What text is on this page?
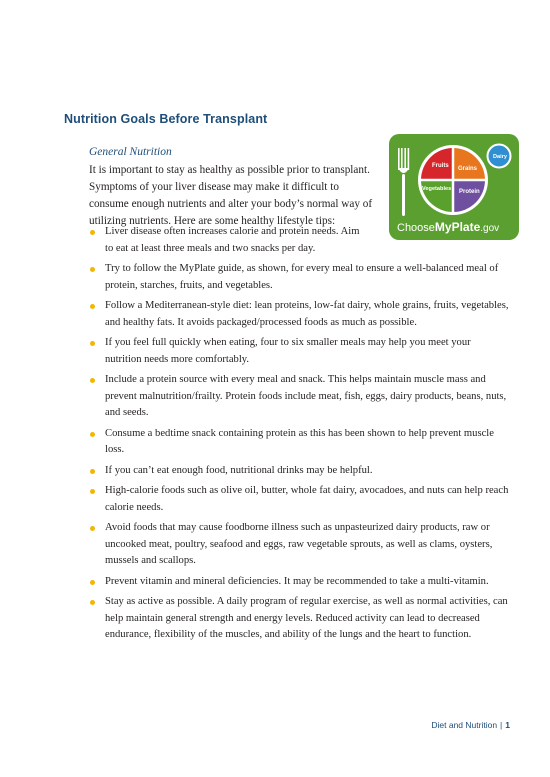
Nutrition Goals Before Transplant
General Nutrition

It is important to stay as healthy as possible prior to transplant. Symptoms of your liver disease may make it difficult to consume enough nutrients and alter your body’s normal way of utilizing nutrients. Here are some healthy lifestyle tips:

Fruits Grains
Vegetables Protein
Dairy
ChooseMyPlate.gov
Liver disease often increases calorie and protein needs. Aim to eat at least three meals and two snacks per day.
Try to follow the MyPlate guide, as shown, for every meal to ensure a well-balanced meal of protein, starches, fruits, and vegetables.
Follow a Mediterranean-style diet: lean proteins, low-fat dairy, whole grains, fruits, vegetables, and healthy fats. It avoids packaged/processed foods as much as possible.
If you feel full quickly when eating, four to six smaller meals may help you meet your nutrition needs more comfortably.
Include a protein source with every meal and snack. This helps maintain muscle mass and prevent malnutrition/frailty. Protein foods include meat, fish, eggs, dairy products, beans, nuts, and seeds.
Consume a bedtime snack containing protein as this has been shown to help prevent muscle loss.
If you can’t eat enough food, nutritional drinks may be helpful.
High-calorie foods such as olive oil, butter, whole fat dairy, avocadoes, and nuts can help reach calorie needs.
Avoid foods that may cause foodborne illness such as unpasteurized dairy products, raw or uncooked meat, poultry, seafood and eggs, raw vegetable sprouts, as well as clams, oysters, mussels and scallops.
Prevent vitamin and mineral deficiencies. It may be recommended to take a multi-vitamin.
Stay as active as possible. A daily program of regular exercise, as well as normal activities, can help maintain general strength and energy levels. Reduced activity can lead to decreased endurance, flexibility of the muscles, and ability of the lungs and the heart to function.
Diet and Nutrition | 1
